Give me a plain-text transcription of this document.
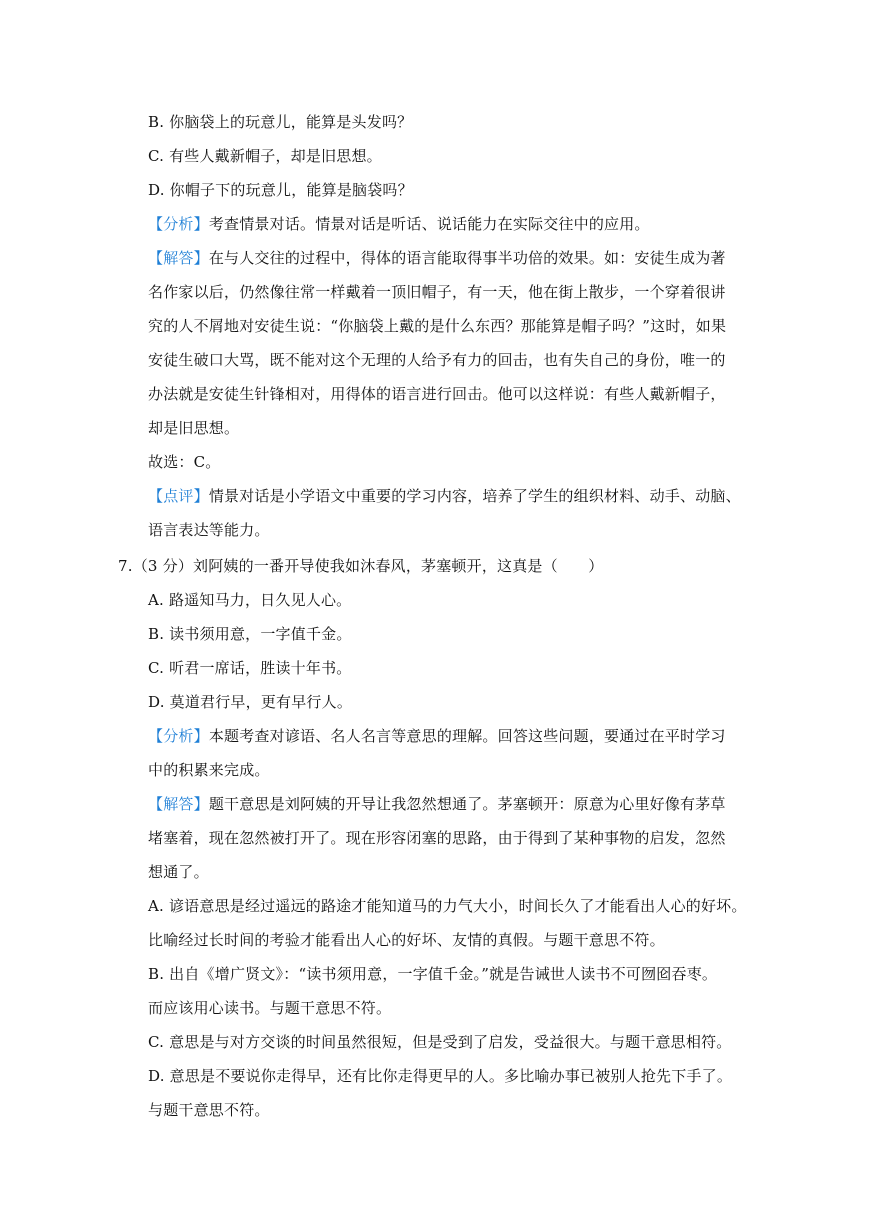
B. 你脑袋上的玩意儿，能算是头发吗？
C. 有些人戴新帽子，却是旧思想。
D. 你帽子下的玩意儿，能算是脑袋吗？
【分析】考查情景对话。情景对话是听话、说话能力在实际交往中的应用。
【解答】在与人交往的过程中，得体的语言能取得事半功倍的效果。如：安徒生成为著
名作家以后，仍然像往常一样戴着一顶旧帽子，有一天，他在街上散步，一个穿着很讲
究的人不屑地对安徒生说：“你脑袋上戴的是什么东西？那能算是帽子吗？”这时，如果
安徒生破口大骂，既不能对这个无理的人给予有力的回击，也有失自己的身份，唯一的
办法就是安徒生针锋相对，用得体的语言进行回击。他可以这样说：有些人戴新帽子，
却是旧思想。
故选：C。
【点评】情景对话是小学语文中重要的学习内容，培养了学生的组织材料、动手、动脑、
语言表达等能力。
7.（3 分）刘阿姨的一番开导使我如沐春风，茅塞顿开，这真是（　　）
A. 路遥知马力，日久见人心。
B. 读书须用意，一字值千金。
C. 听君一席话，胜读十年书。
D. 莫道君行早，更有早行人。
【分析】本题考查对谚语、名人名言等意思的理解。回答这些问题，要通过在平时学习
中的积累来完成。
【解答】题干意思是刘阿姨的开导让我忽然想通了。茅塞顿开：原意为心里好像有茅草
堵塞着，现在忽然被打开了。现在形容闭塞的思路，由于得到了某种事物的启发，忽然
想通了。
A. 谚语意思是经过遥远的路途才能知道马的力气大小，时间长久了才能看出人心的好坏。
比喻经过长时间的考验才能看出人心的好坏、友情的真假。与题干意思不符。
B. 出自《增广贤文》：“读书须用意，一字值千金。”就是告诫世人读书不可囫囵吞枣。
而应该用心读书。与题干意思不符。
C. 意思是与对方交谈的时间虽然很短，但是受到了启发，受益很大。与题干意思相符。
D. 意思是不要说你走得早，还有比你走得更早的人。多比喻办事已被别人抢先下手了。
与题干意思不符。
